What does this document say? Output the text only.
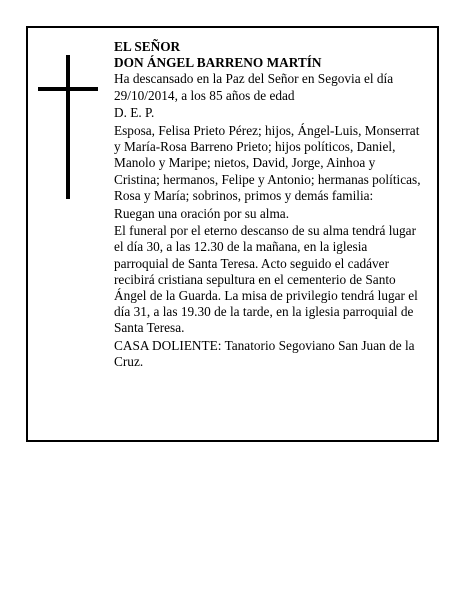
EL SEÑOR

DON ÁNGEL BARRENO MARTÍN

Ha descansado en la Paz del Señor en Segovia el día 29/10/2014, a los 85 años de edad

D. E. P.

Esposa, Felisa Prieto Pérez; hijos, Ángel-Luis, Monserrat y María-Rosa Barreno Prieto; hijos políticos, Daniel, Manolo y Maripe; nietos, David, Jorge, Ainhoa y Cristina; hermanos, Felipe y Antonio; hermanas políticas, Rosa y María; sobrinos, primos y demás familia:

Ruegan una oración por su alma.

El funeral por el eterno descanso de su alma tendrá lugar el día 30, a las 12.30 de la mañana, en la iglesia parroquial de Santa Teresa. Acto seguido el cadáver recibirá cristiana sepultura en el cementerio de Santo Ángel de la Guarda. La misa de privilegio tendrá lugar el día 31, a las 19.30 de la tarde, en la iglesia parroquial de Santa Teresa.

CASA DOLIENTE: Tanatorio Segoviano San Juan de la Cruz.
